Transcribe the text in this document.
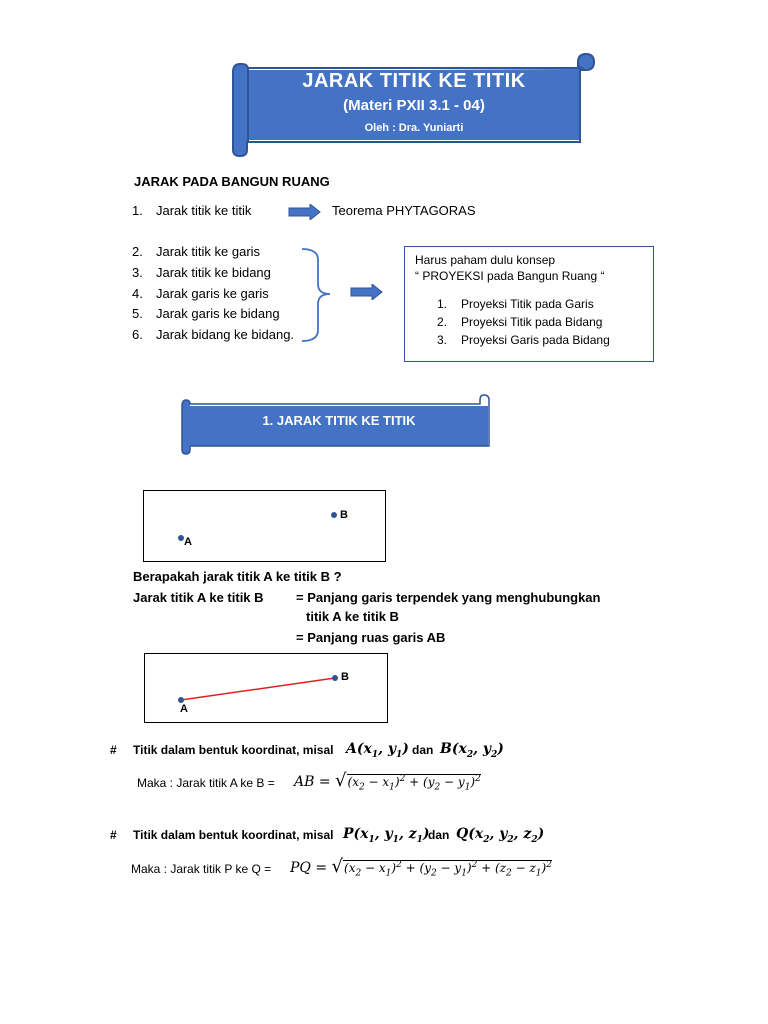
JARAK TITIK KE TITIK
(Materi PXII 3.1 - 04)
Oleh : Dra. Yuniarti
JARAK PADA BANGUN RUANG
1. Jarak titik ke titik	Teorema PHYTAGORAS
2. Jarak titik ke garis
3. Jarak titik ke bidang
4. Jarak garis ke garis
5. Jarak garis ke bidang
6. Jarak bidang ke bidang.
Harus paham dulu konsep
“ PROYEKSI pada Bangun Ruang “
1. Proyeksi Titik pada Garis
2. Proyeksi Titik pada Bidang
3. Proyeksi Garis pada Bidang
1. JARAK TITIK KE TITIK
A
B
Berapakah jarak titik A ke titik B ?
Jarak titik A ke titik B = Panjang garis terpendek yang menghubungkan
titik A ke titik B
= Panjang ruas garis AB
A
B
# Titik dalam bentuk koordinat, misal $A(x_1$, $y_1$) dan $B(x_2$, $y_2$)
Maka : Jarak titik A ke B = AB = $√(x_2 - x_1)^2 + (y_2 - y_1)^2$
# Titik dalam bentuk koordinat, misal $P(x_1$, $y_1$, $z_1$)
dan $Q(x_2$, $y_2$, $z_2$)
Maka : Jarak titik P ke Q = PQ = $√(x_2 - x_1)^2 + (y_2 - y_1)^2 + (z_2 - z_1)^2$
